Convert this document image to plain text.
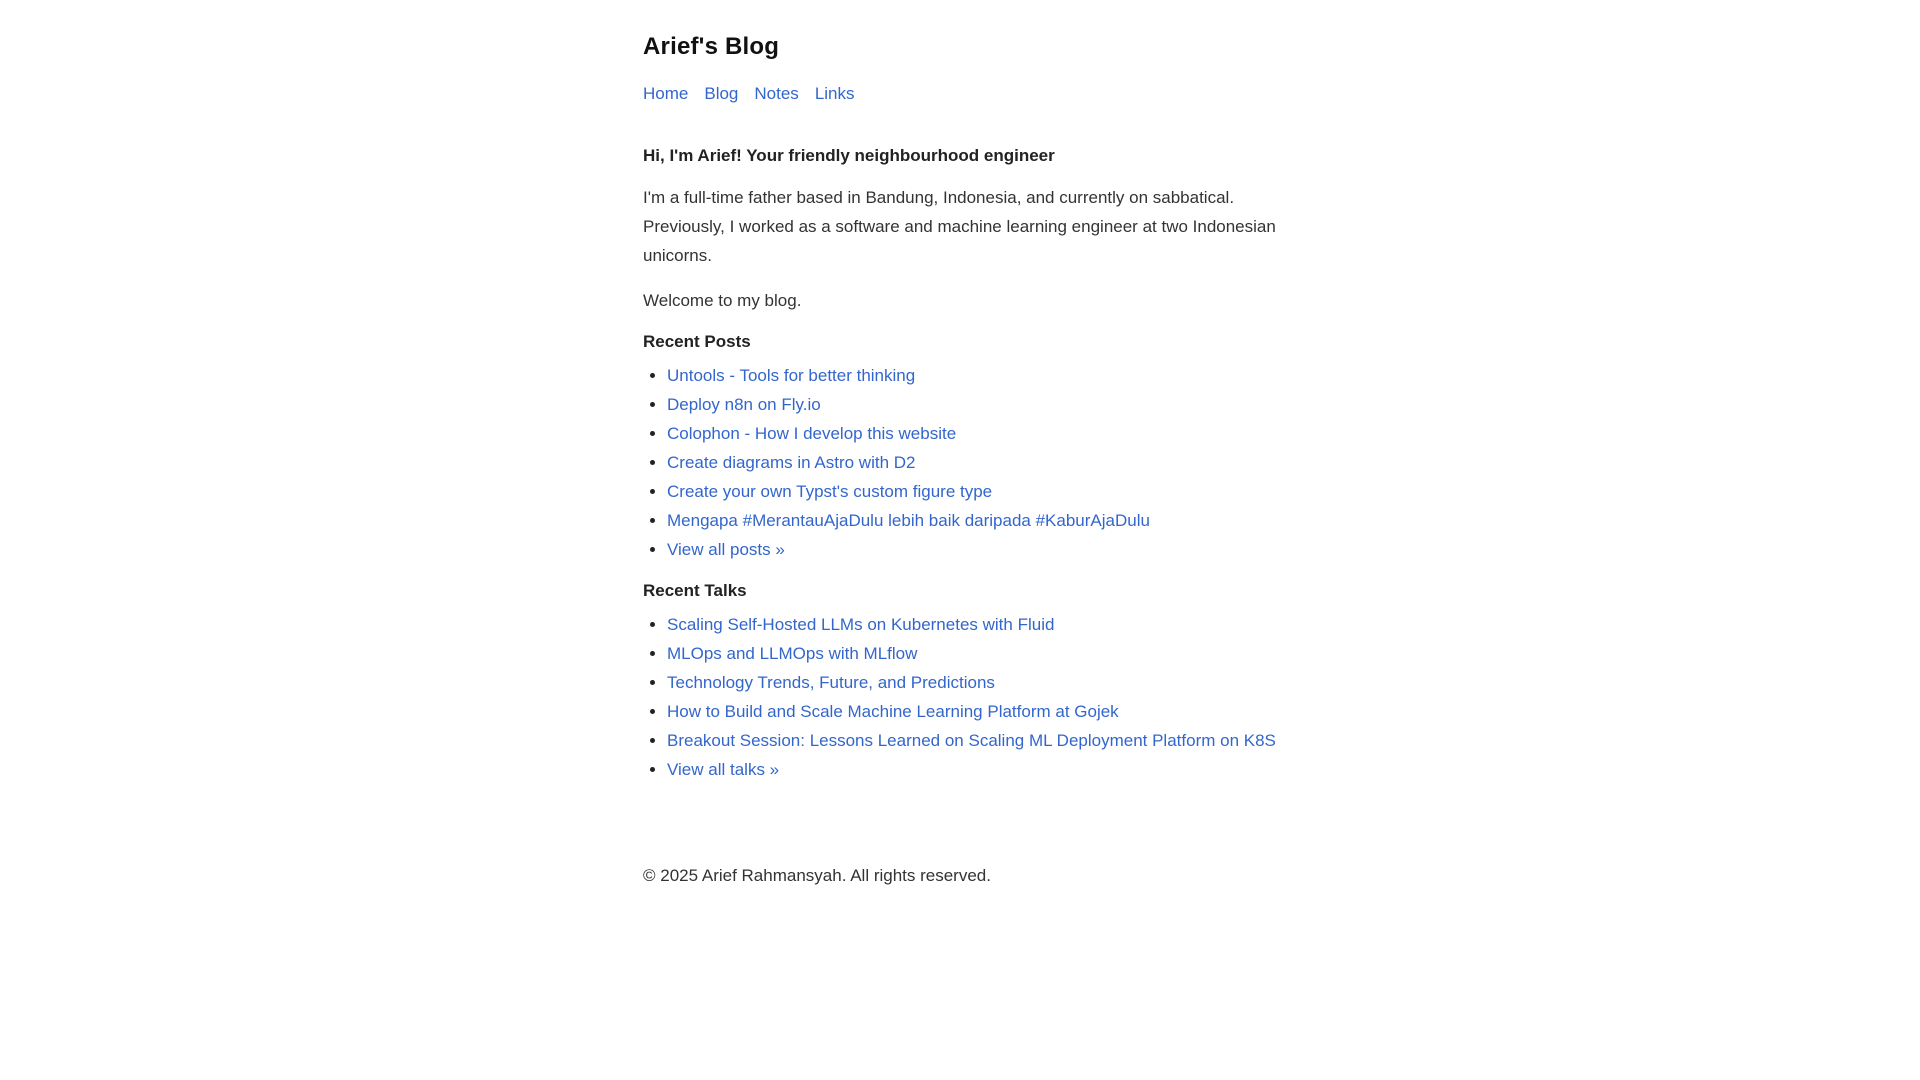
Arief's Blog
Home Blog Notes Links
Hi, I'm Arief! Your friendly neighbourhood engineer

I'm a full-time father based in Bandung, Indonesia, and currently on sabbatical. Previously, I worked as a software and machine learning engineer at two Indonesian unicorns.

Welcome to my blog.

Recent Posts
• Untools - Tools for better thinking
• Deploy n8n on Fly.io
• Colophon - How I develop this website
• Create diagrams in Astro with D2
• Create your own Typst's custom figure type
• Mengapa #MerantauAjaDulu lebih baik daripada #KaburAjaDulu
• View all posts »
Recent Talks
• Scaling Self-Hosted LLMs on Kubernetes with Fluid
• MLOps and LLMOps with MLflow
• Technology Trends, Future, and Predictions
• How to Build and Scale Machine Learning Platform at Gojek
• Breakout Session: Lessons Learned on Scaling ML Deployment Platform on K8S
• View all talks »
© 2025 Arief Rahmansyah. All rights reserved.
